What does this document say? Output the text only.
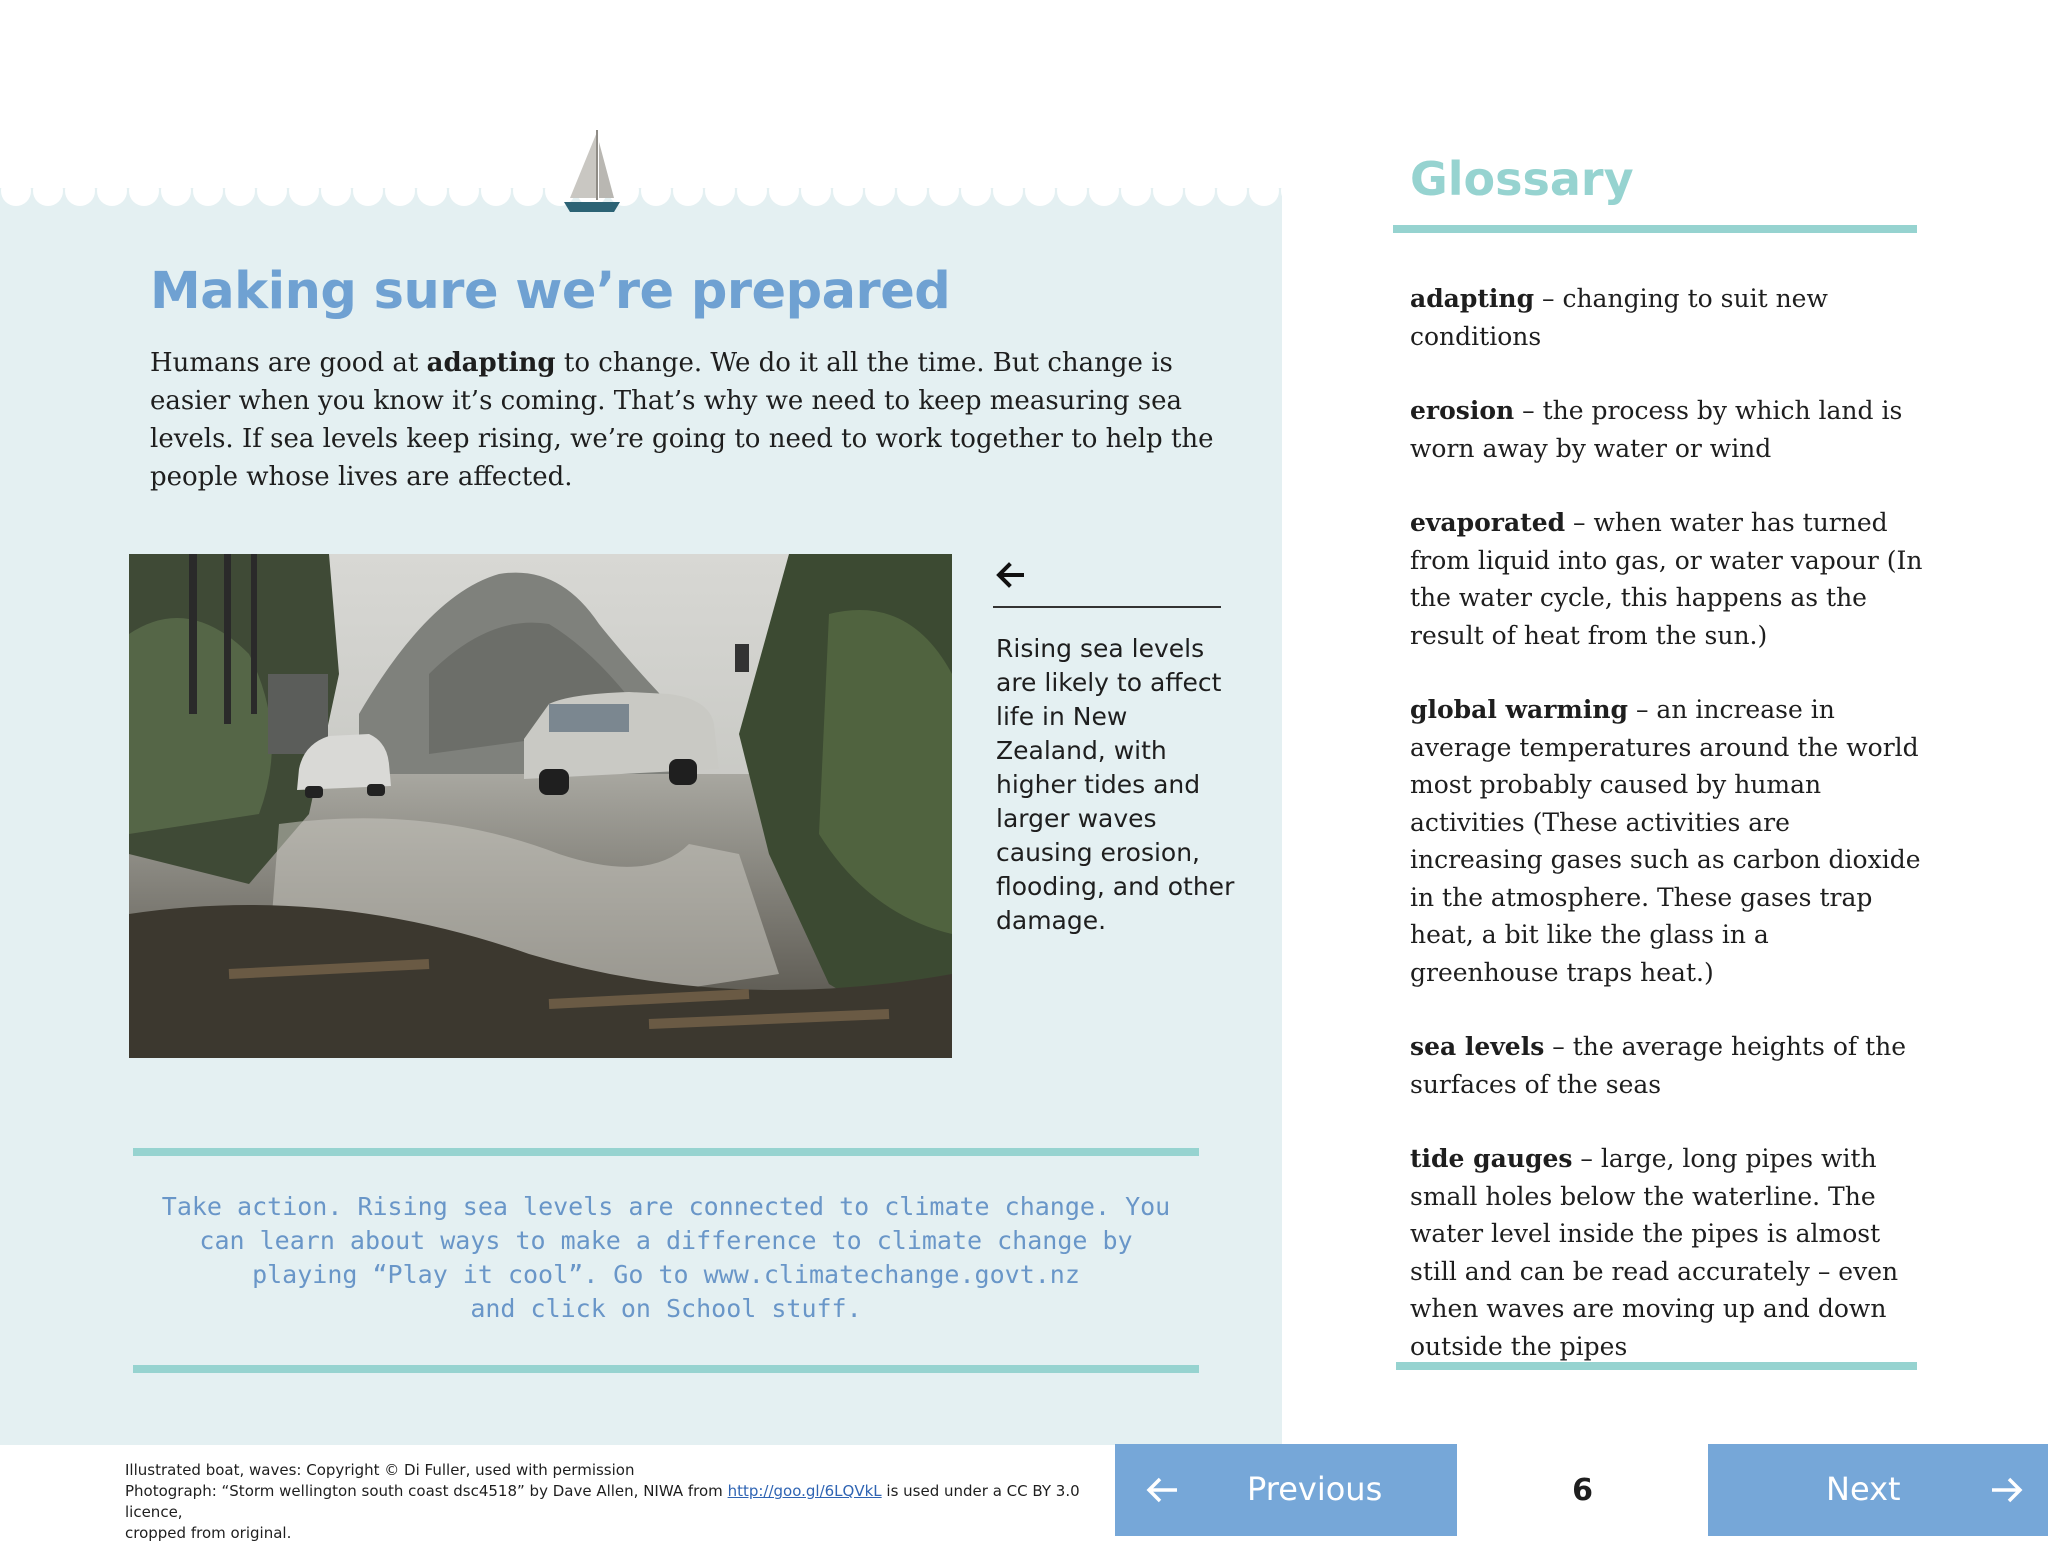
Making sure we’re prepared

Humans are good at adapting to change. We do it all the time. But change is easier when you know it’s coming. That’s why we need to keep measuring sea levels. If sea levels keep rising, we’re going to need to work together to help the people whose lives are affected.

Rising sea levels are likely to affect life in New Zealand, with higher tides and larger waves causing erosion, flooding, and other damage.

Take action. Rising sea levels are connected to climate change. You
can learn about ways to make a difference to climate change by
playing “Play it cool”. Go to www.climatechange.govt.nz
and click on School stuff.
Glossary

adapting – changing to suit new conditions

erosion – the process by which land is worn away by water or wind

evaporated – when water has turned from liquid into gas, or water vapour (In the water cycle, this happens as the result of heat from the sun.)

global warming – an increase in average temperatures around the world most probably caused by human activities (These activities are increasing gases such as carbon dioxide in the atmosphere. These gases trap heat, a bit like the glass in a greenhouse traps heat.)

sea levels – the average heights of the surfaces of the seas

tide gauges – large, long pipes with small holes below the waterline. The water level inside the pipes is almost still and can be read accurately – even when waves are moving up and down outside the pipes

Illustrated boat, waves: Copyright © Di Fuller, used with permission
Photograph: “Storm wellington south coast dsc4518” by Dave Allen, NIWA from http://goo.gl/6LQVkL is used under a CC BY 3.0 licence,
cropped from original.
Previous	6	Next
